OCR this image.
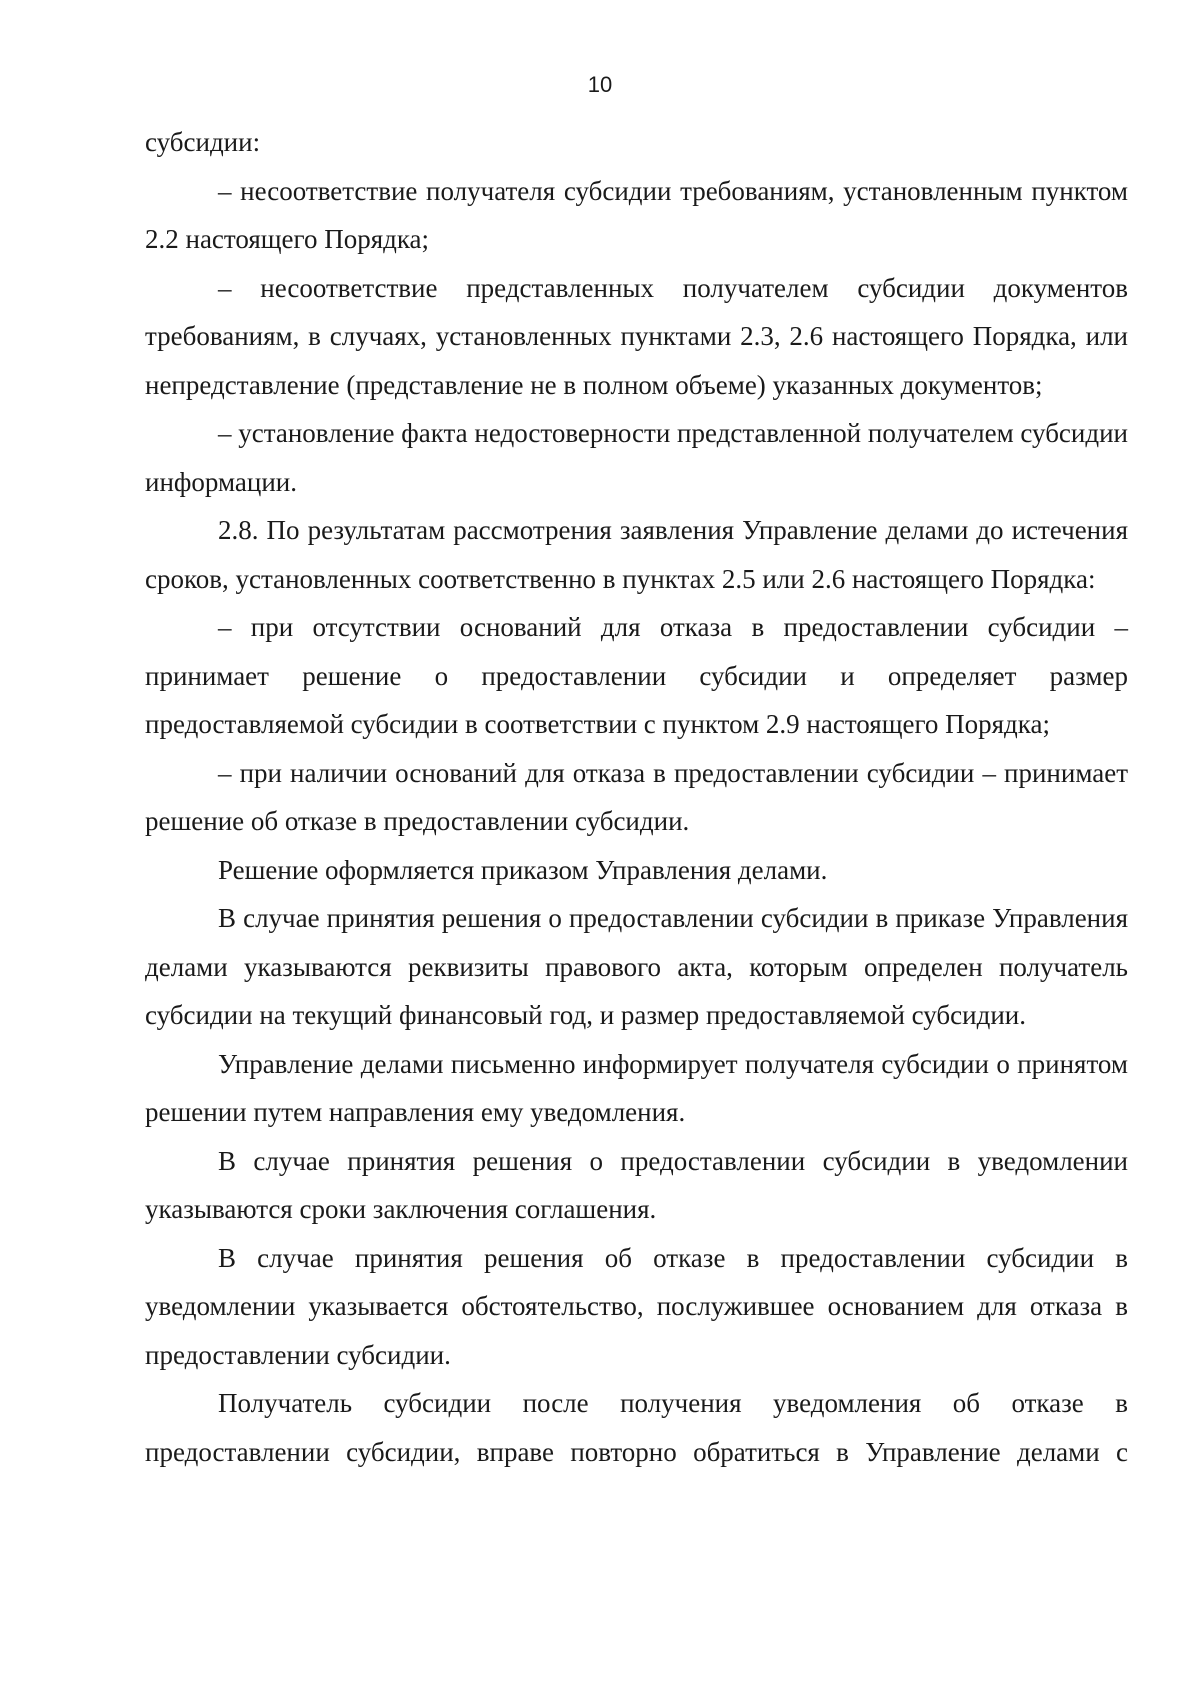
10

субсидии:

– несоответствие получателя субсидии требованиям, установленным пунктом 2.2 настоящего Порядка;

– несоответствие представленных получателем субсидии документов требованиям, в случаях, установленных пунктами 2.3, 2.6 настоящего Порядка, или непредставление (представление не в полном объеме) указанных документов;

– установление факта недостоверности представленной получателем субсидии информации.

2.8. По результатам рассмотрения заявления Управление делами до истечения сроков, установленных соответственно в пунктах 2.5 или 2.6 настоящего Порядка:

– при отсутствии оснований для отказа в предоставлении субсидии – принимает решение о предоставлении субсидии и определяет размер предоставляемой субсидии в соответствии с пунктом 2.9 настоящего Порядка;

– при наличии оснований для отказа в предоставлении субсидии – принимает решение об отказе в предоставлении субсидии.

Решение оформляется приказом Управления делами.

В случае принятия решения о предоставлении субсидии в приказе Управления делами указываются реквизиты правового акта, которым определен получатель субсидии на текущий финансовый год, и размер предоставляемой субсидии.

Управление делами письменно информирует получателя субсидии о принятом решении путем направления ему уведомления.

В случае принятия решения о предоставлении субсидии в уведомлении указываются сроки заключения соглашения.

В случае принятия решения об отказе в предоставлении субсидии в уведомлении указывается обстоятельство, послужившее основанием для отказа в предоставлении субсидии.

Получатель субсидии после получения уведомления об отказе в предоставлении субсидии, вправе повторно обратиться в Управление делами с
